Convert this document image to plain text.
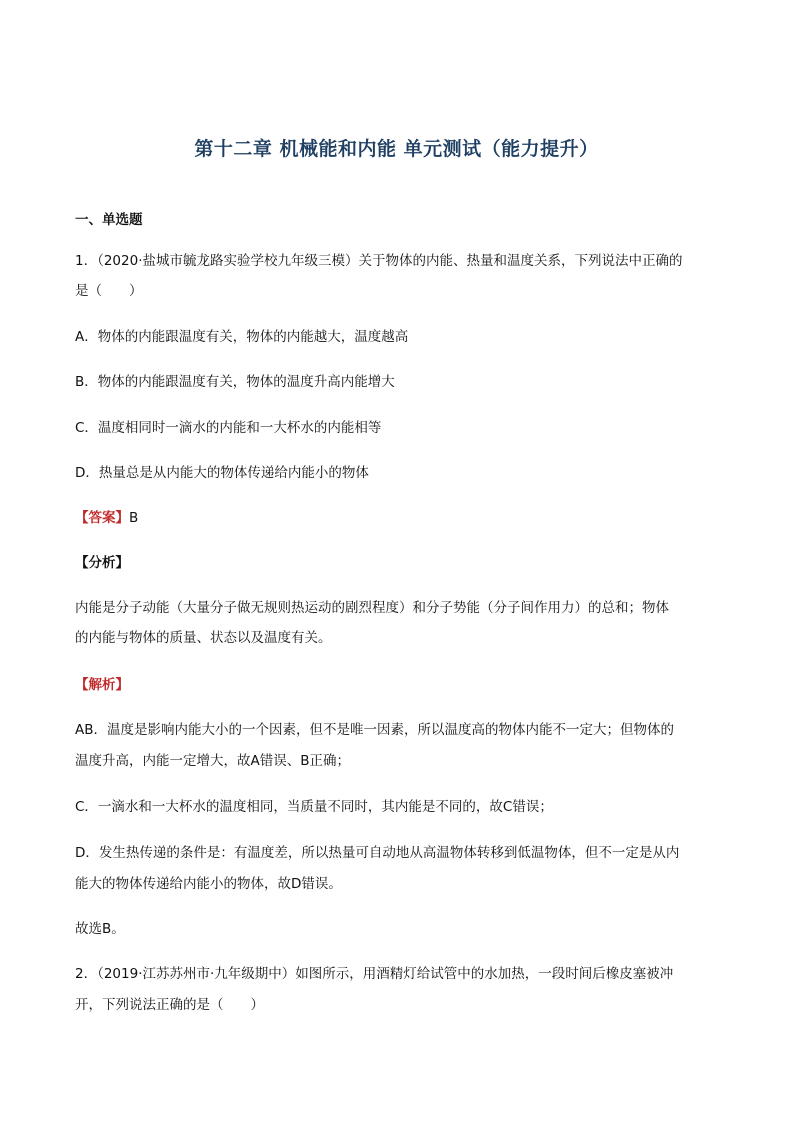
第十二章 机械能和内能 单元测试（能力提升）
一、单选题
1．（2020·盐城市毓龙路实验学校九年级三模）关于物体的内能、热量和温度关系，下列说法中正确的
是（　　）
A．物体的内能跟温度有关，物体的内能越大，温度越高
B．物体的内能跟温度有关，物体的温度升高内能增大
C．温度相同时一滴水的内能和一大杯水的内能相等
D．热量总是从内能大的物体传递给内能小的物体
【答案】B
【分析】
内能是分子动能（大量分子做无规则热运动的剧烈程度）和分子势能（分子间作用力）的总和；物体
的内能与物体的质量、状态以及温度有关。
【解析】
AB．温度是影响内能大小的一个因素，但不是唯一因素，所以温度高的物体内能不一定大；但物体的
温度升高，内能一定增大，故A错误、B正确；
C．一滴水和一大杯水的温度相同，当质量不同时，其内能是不同的，故C错误；
D．发生热传递的条件是：有温度差，所以热量可自动地从高温物体转移到低温物体，但不一定是从内
能大的物体传递给内能小的物体，故D错误。
故选B。
2．（2019·江苏苏州市·九年级期中）如图所示，用酒精灯给试管中的水加热，一段时间后橡皮塞被冲
开，下列说法正确的是（　　）
